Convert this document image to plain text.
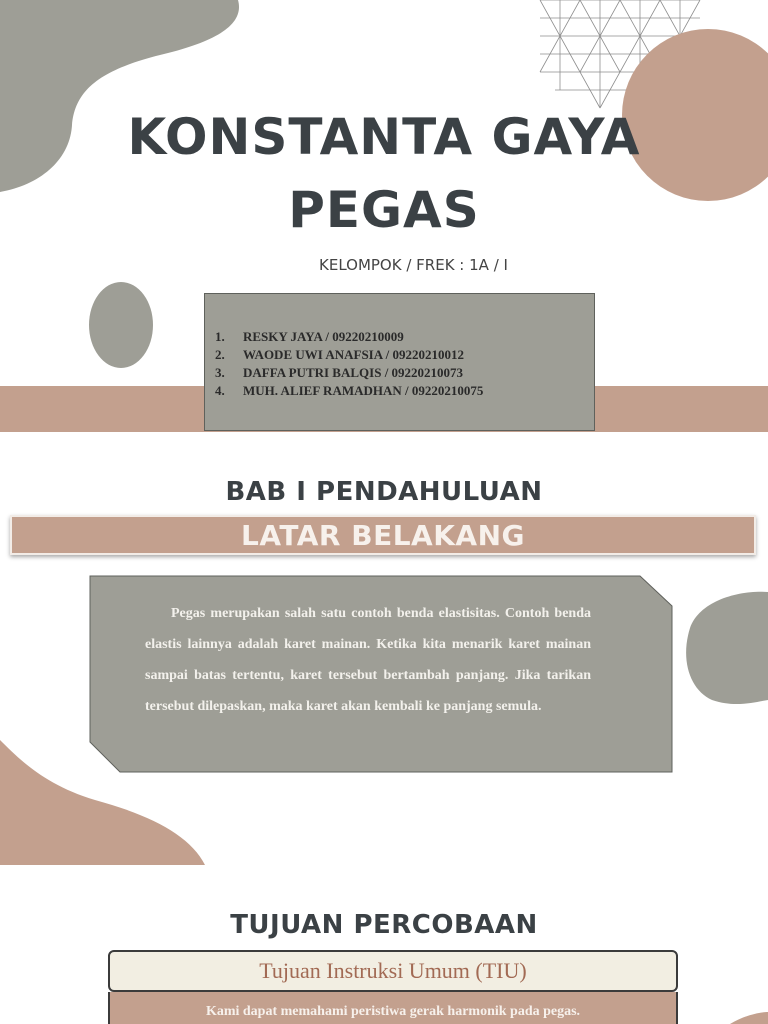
KONSTANTA GAYA
PEGAS
KELOMPOK / FREK : 1A / I
1. RESKY JAYA / 09220210009
2. WAODE UWI ANAFSIA / 09220210012
3. DAFFA PUTRI BALQIS / 09220210073
4. MUH. ALIEF RAMADHAN / 09220210075
BAB I PENDAHULUAN
LATAR BELAKANG
Pegas merupakan salah satu contoh benda elastisitas. Contoh benda elastis lainnya adalah karet mainan. Ketika kita menarik karet mainan sampai batas tertentu, karet tersebut bertambah panjang. Jika tarikan tersebut dilepaskan, maka karet akan kembali ke panjang semula.
TUJUAN PERCOBAAN
Tujuan Instruksi Umum (TIU)
Kami dapat memahami peristiwa gerak harmonik pada pegas.
